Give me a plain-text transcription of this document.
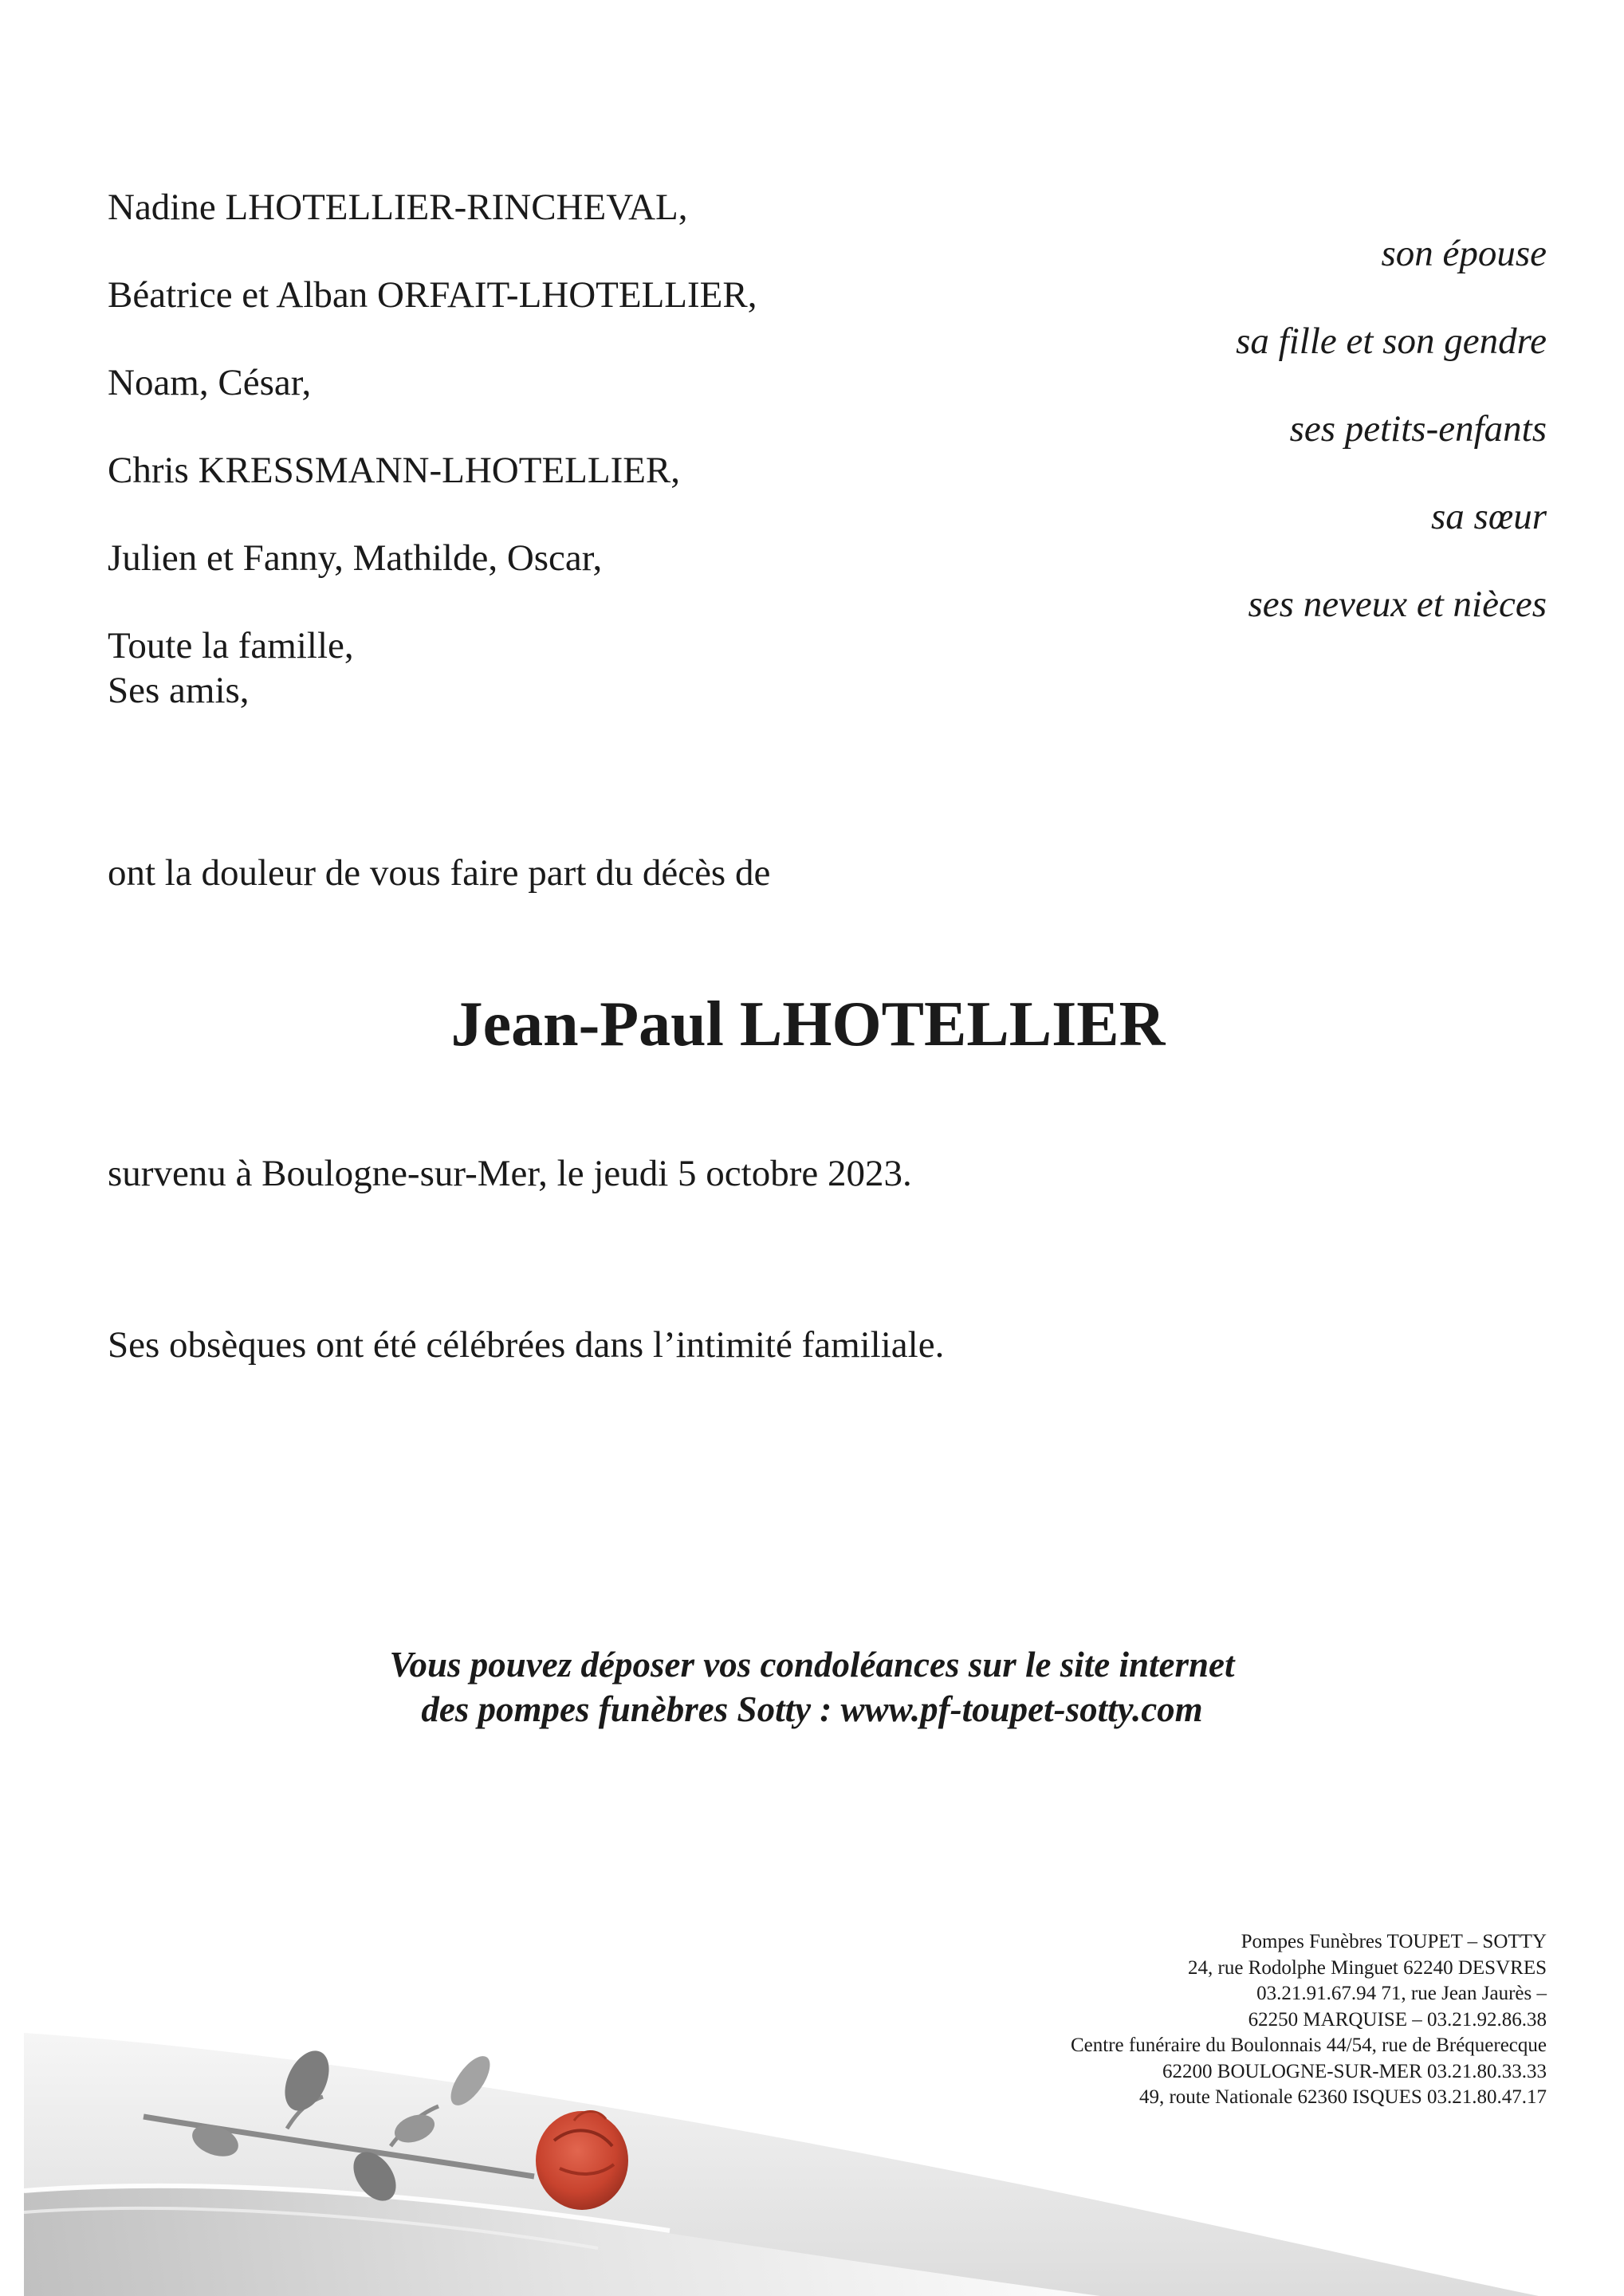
Nadine LHOTELLIER-RINCHEVAL,
Béatrice et Alban ORFAIT-LHOTELLIER,
Noam, César,
Chris KRESSMANN-LHOTELLIER,
Julien et Fanny, Mathilde, Oscar,
Toute la famille,
Ses amis,
son épouse
sa fille et son gendre
ses petits-enfants
sa sœur
ses neveux et nièces
ont la douleur de vous faire part du décès de
Jean-Paul LHOTELLIER
survenu à Boulogne-sur-Mer, le jeudi 5 octobre 2023.
Ses obsèques ont été célébrées dans l’intimité familiale.
Vous pouvez déposer vos condoléances sur le site internet
des pompes funèbres Sotty : www.pf-toupet-sotty.com
Pompes Funèbres TOUPET – SOTTY
24, rue Rodolphe Minguet 62240 DESVRES
03.21.91.67.94 71, rue Jean Jaurès –
62250 MARQUISE – 03.21.92.86.38
Centre funéraire du Boulonnais 44/54, rue de Bréquerecque
62200 BOULOGNE-SUR-MER 03.21.80.33.33
49, route Nationale 62360 ISQUES 03.21.80.47.17
